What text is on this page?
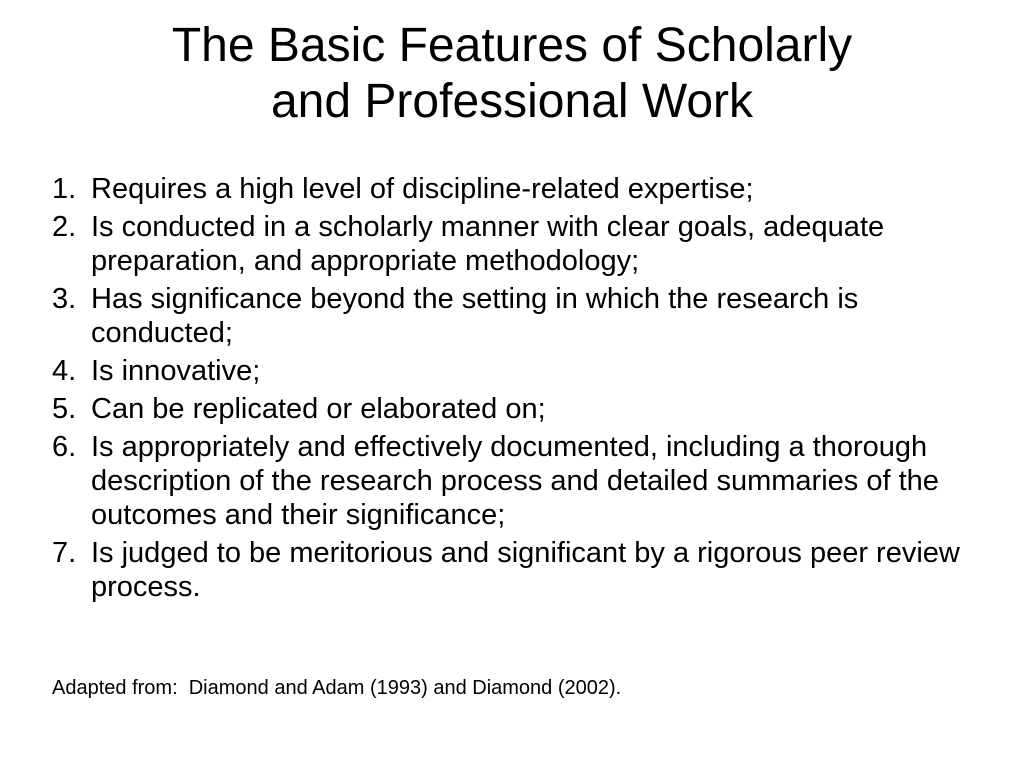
The Basic Features of Scholarly
and Professional Work
1. Requires a high level of discipline-related expertise;
2. Is conducted in a scholarly manner with clear goals, adequate preparation, and appropriate methodology;
3. Has significance beyond the setting in which the research is conducted;
4. Is innovative;
5. Can be replicated or elaborated on;
6. Is appropriately and effectively documented, including a thorough description of the research process and detailed summaries of the outcomes and their significance;
7. Is judged to be meritorious and significant by a rigorous peer review process.
Adapted from:  Diamond and Adam (1993) and Diamond (2002).
